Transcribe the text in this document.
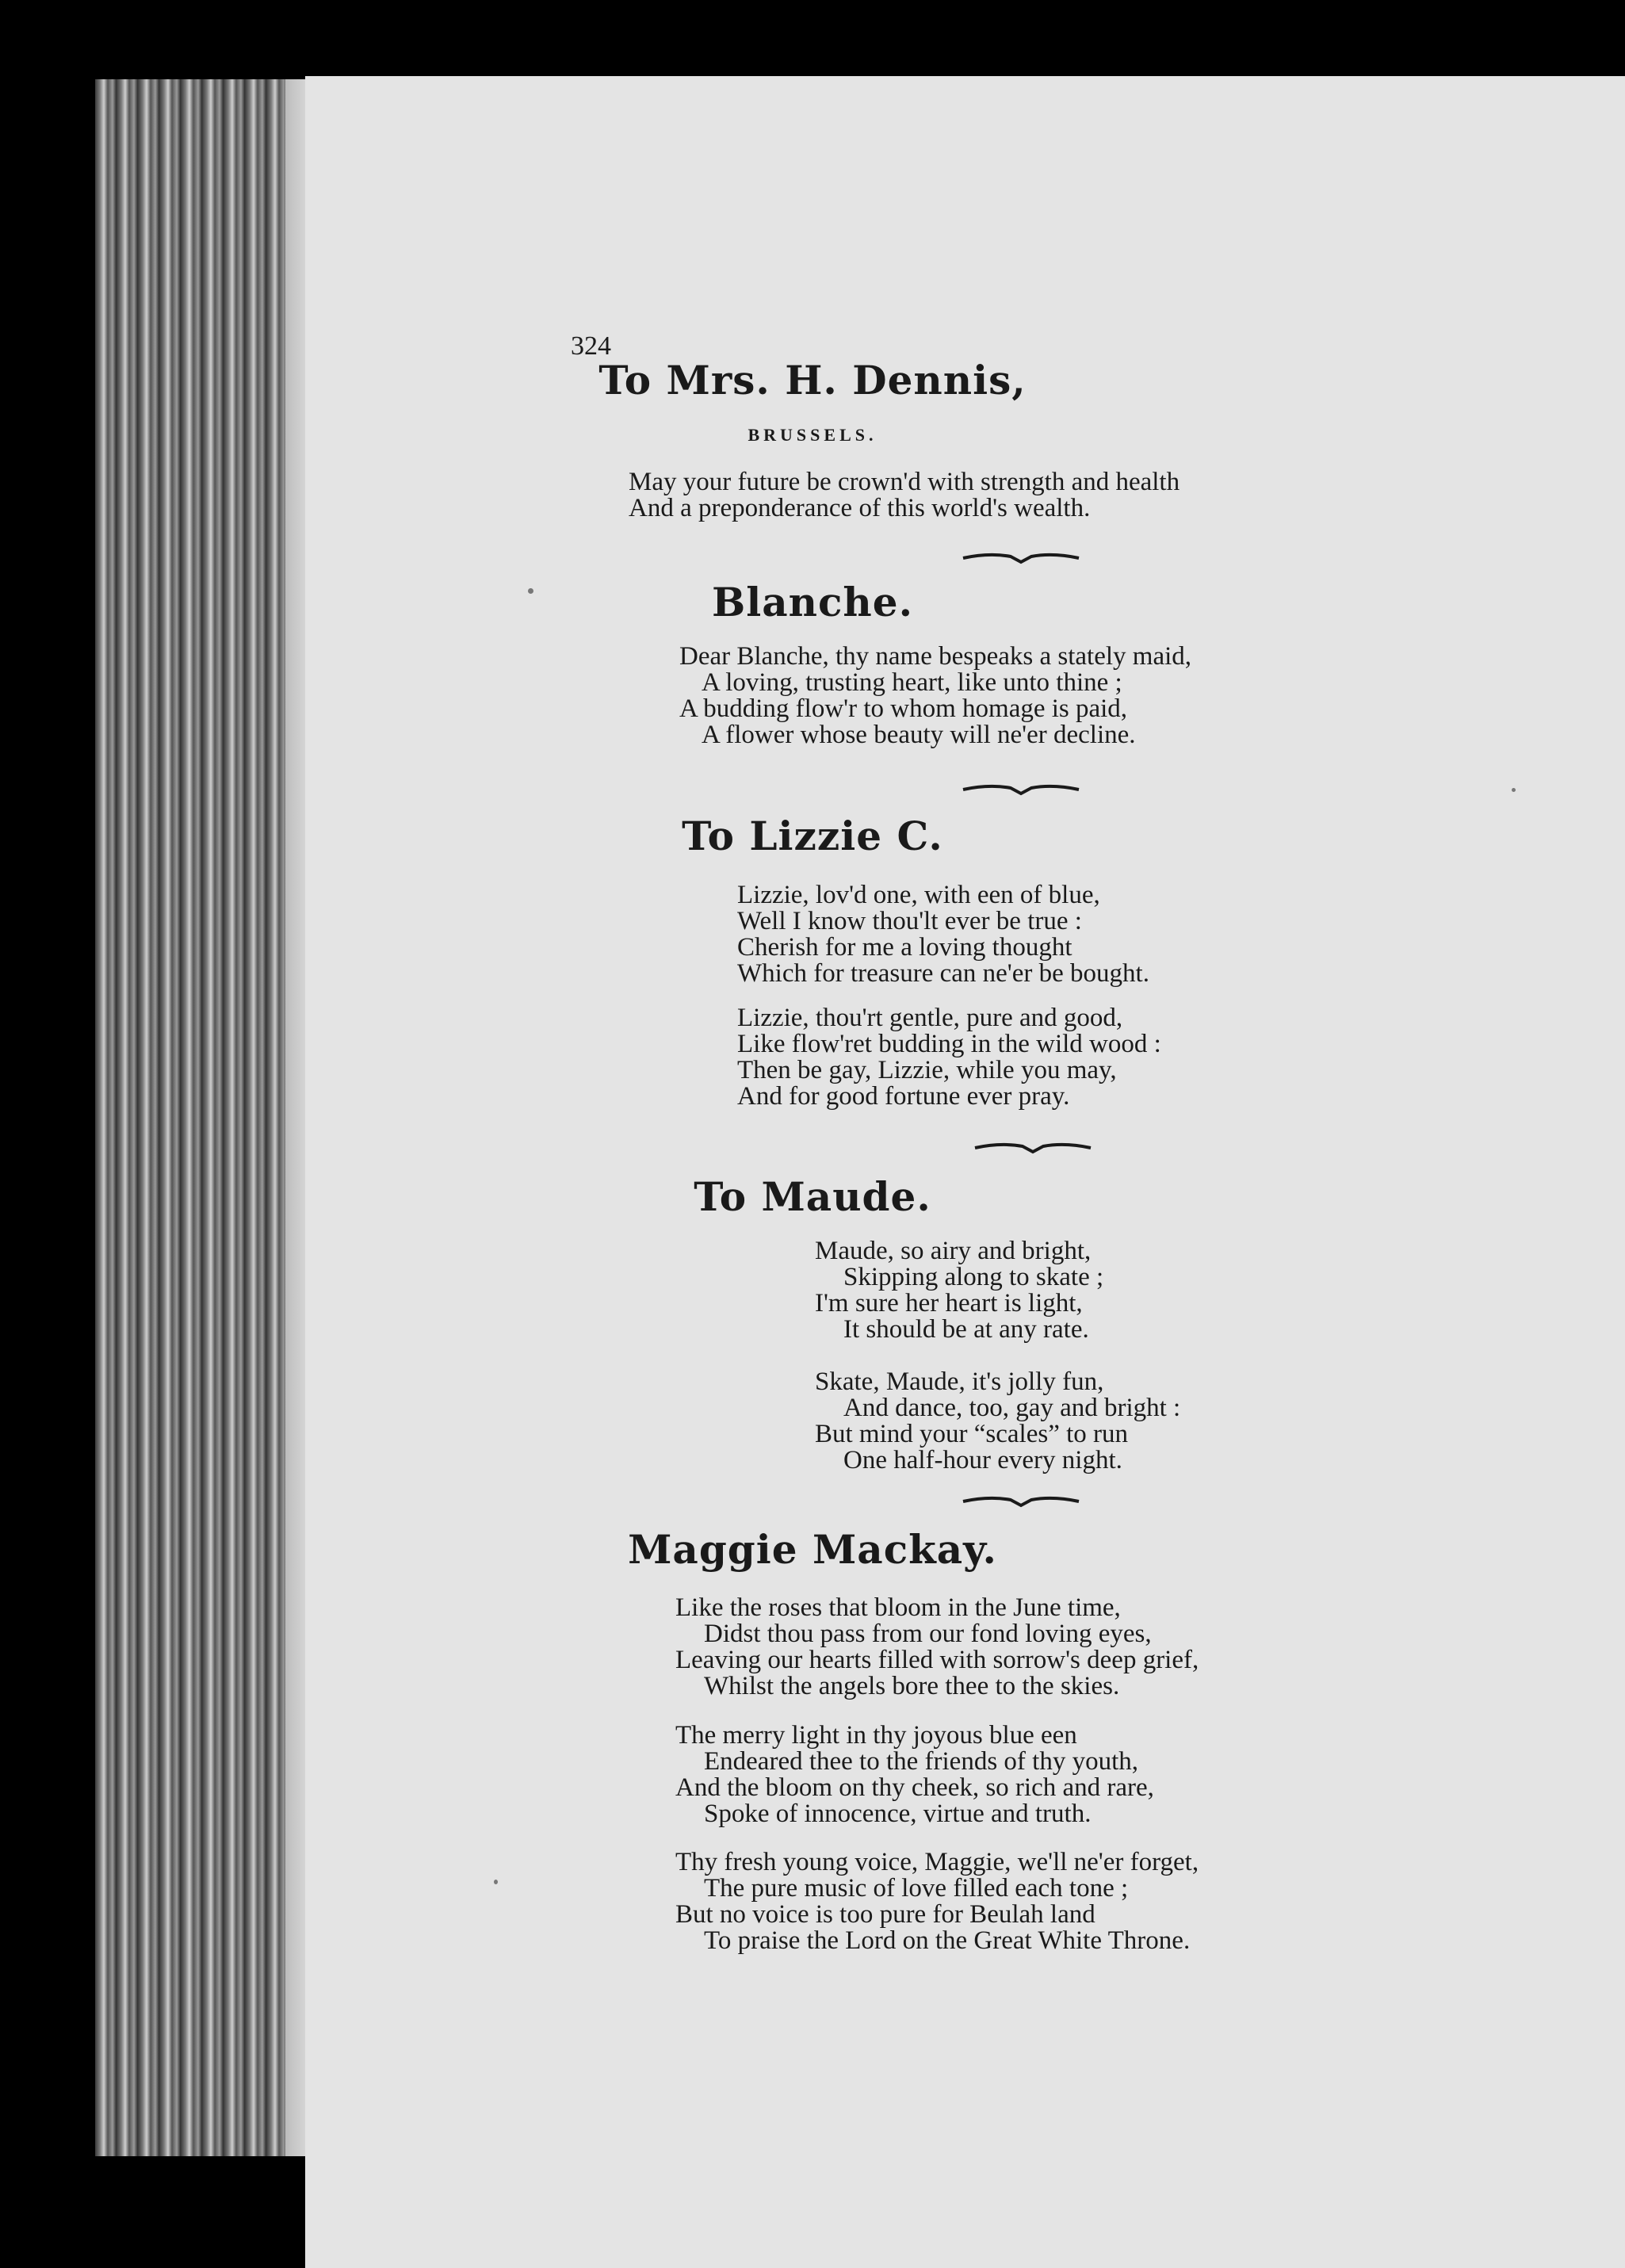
324
To Mrs. H. Dennis,
BRUSSELS.
May your future be crown'd with strength and health
And a preponderance of this world's wealth.
Blanche.
Dear Blanche, thy name bespeaks a stately maid,
A loving, trusting heart, like unto thine ;
A budding flow'r to whom homage is paid,
A flower whose beauty will ne'er decline.
To Lizzie C.
Lizzie, lov'd one, with een of blue,
Well I know thou'lt ever be true :
Cherish for me a loving thought
Which for treasure can ne'er be bought.
Lizzie, thou'rt gentle, pure and good,
Like flow'ret budding in the wild wood :
Then be gay, Lizzie, while you may,
And for good fortune ever pray.
To Maude.
Maude, so airy and bright,
Skipping along to skate ;
I'm sure her heart is light,
It should be at any rate.
Skate, Maude, it's jolly fun,
And dance, too, gay and bright :
But mind your “scales” to run
One half-hour every night.
Maggie Mackay.
Like the roses that bloom in the June time,
Didst thou pass from our fond loving eyes,
Leaving our hearts filled with sorrow's deep grief,
Whilst the angels bore thee to the skies.
The merry light in thy joyous blue een
Endeared thee to the friends of thy youth,
And the bloom on thy cheek, so rich and rare,
Spoke of innocence, virtue and truth.
Thy fresh young voice, Maggie, we'll ne'er forget,
The pure music of love filled each tone ;
But no voice is too pure for Beulah land
To praise the Lord on the Great White Throne.
